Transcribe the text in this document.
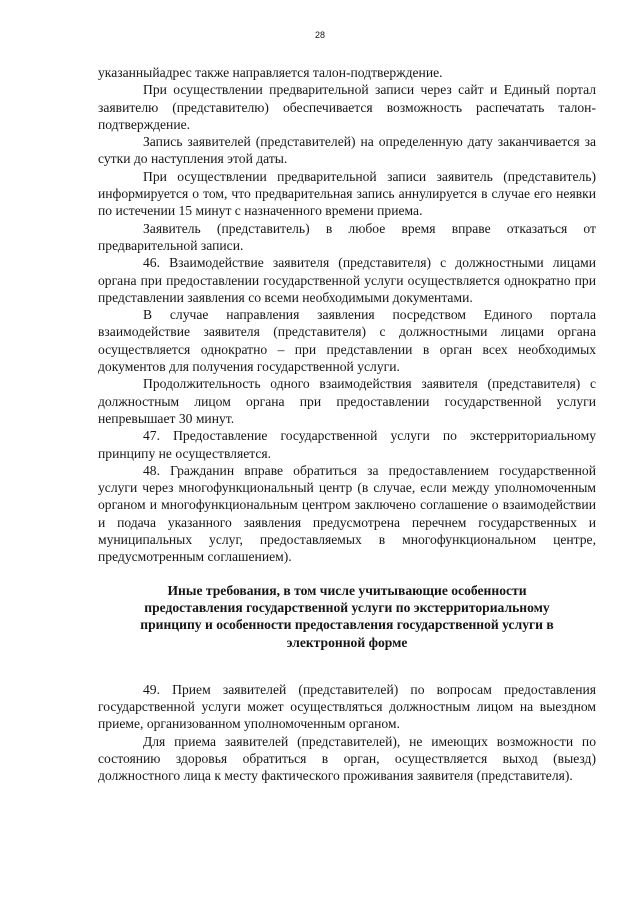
28

указанныйадрес также направляется талон-подтверждение.

При осуществлении предварительной записи через сайт и Единый портал заявителю (представителю) обеспечивается возможность распечатать талон- подтверждение.

Запись заявителей (представителей) на определенную дату заканчивается за сутки до наступления этой даты.

При осуществлении предварительной записи заявитель (представитель) информируется о том, что предварительная запись аннулируется в случае его неявки по истечении 15 минут с назначенного времени приема.

Заявитель (представитель) в любое время вправе отказаться от предварительной записи.

46. Взаимодействие заявителя (представителя) с должностными лицами органа при предоставлении государственной услуги осуществляется однократно при представлении заявления со всеми необходимыми документами.

В случае направления заявления посредством Единого портала взаимодействие заявителя (представителя) с должностными лицами органа осуществляется однократно – при представлении в орган всех необходимых документов для получения государственной услуги.

Продолжительность одного взаимодействия заявителя (представителя) с должностным лицом органа при предоставлении государственной услуги непревышает 30 минут.

47. Предоставление государственной услуги по экстерриториальному принципу не осуществляется.

48. Гражданин вправе обратиться за предоставлением государственной услуги через многофункциональный центр (в случае, если между уполномоченным органом и многофункциональным центром заключено соглашение о взаимодействии и подача указанного заявления предусмотрена перечнем государственных и муниципальных услуг, предоставляемых в многофункциональном центре, предусмотренным соглашением).

Иные требования, в том числе учитывающие особенности
предоставления государственной услуги по экстерриториальному
принципу и особенности предоставления государственной услуги в
электронной форме

49. Прием заявителей (представителей) по вопросам предоставления государственной услуги может осуществляться должностным лицом на выездном приеме, организованном уполномоченным органом.

Для приема заявителей (представителей), не имеющих возможности по состоянию здоровья обратиться в орган, осуществляется выход (выезд) должностного лица к месту фактического проживания заявителя (представителя).
